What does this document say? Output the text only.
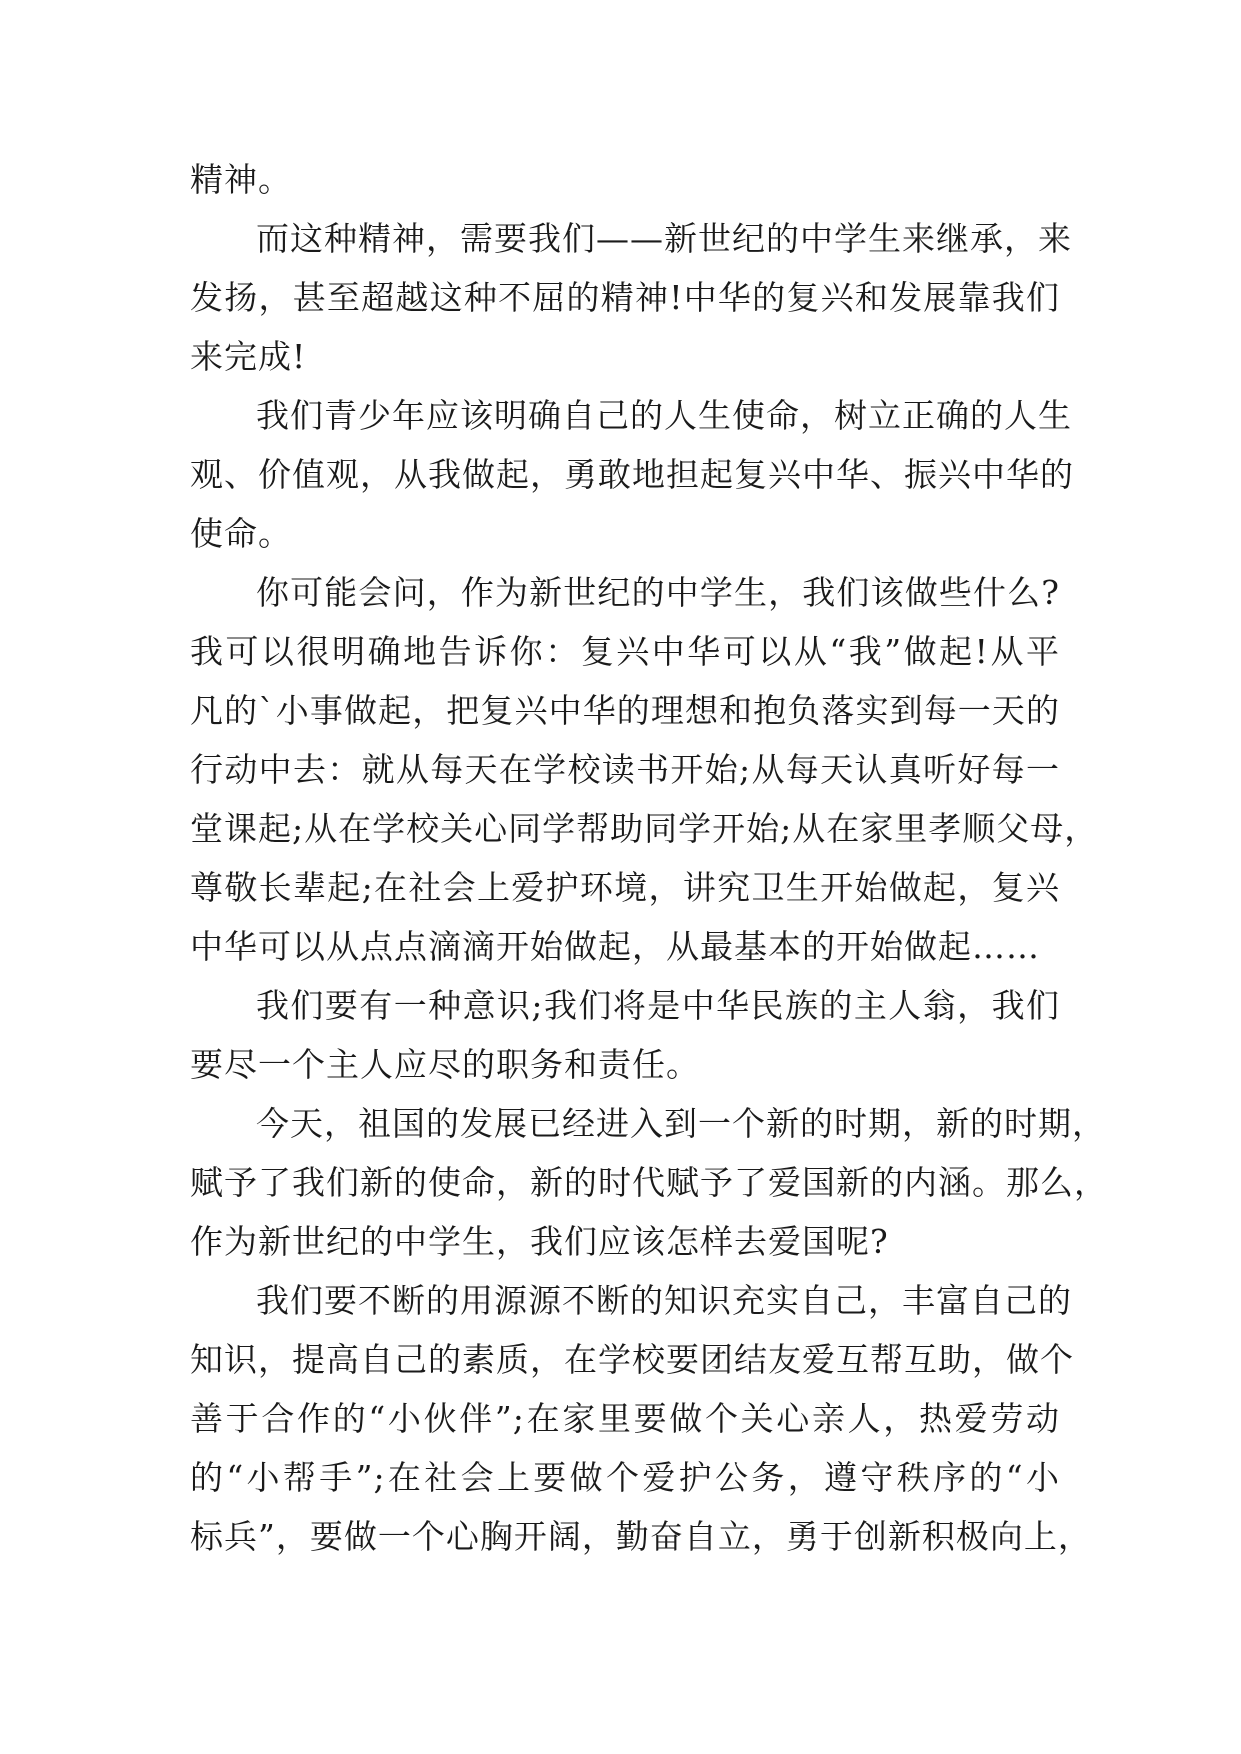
精神。
而这种精神，需要我们——新世纪的中学生来继承，来
发扬，甚至超越这种不屈的精神!中华的复兴和发展靠我们
来完成!
我们青少年应该明确自己的人生使命，树立正确的人生
观、价值观，从我做起，勇敢地担起复兴中华、振兴中华的
使命。
你可能会问，作为新世纪的中学生，我们该做些什么?
我可以很明确地告诉你：复兴中华可以从“我”做起!从平
凡的`小事做起，把复兴中华的理想和抱负落实到每一天的
行动中去：就从每天在学校读书开始;从每天认真听好每一
堂课起;从在学校关心同学帮助同学开始;从在家里孝顺父母，
尊敬长辈起;在社会上爱护环境，讲究卫生开始做起，复兴
中华可以从点点滴滴开始做起，从最基本的开始做起……
我们要有一种意识;我们将是中华民族的主人翁，我们
要尽一个主人应尽的职务和责任。
今天，祖国的发展已经进入到一个新的时期，新的时期，
赋予了我们新的使命，新的时代赋予了爱国新的内涵。那么，
作为新世纪的中学生，我们应该怎样去爱国呢?
我们要不断的用源源不断的知识充实自己，丰富自己的
知识，提高自己的素质，在学校要团结友爱互帮互助，做个
善于合作的“小伙伴”;在家里要做个关心亲人，热爱劳动
的“小帮手”;在社会上要做个爱护公务，遵守秩序的“小
标兵”，要做一个心胸开阔，勤奋自立，勇于创新积极向上，
